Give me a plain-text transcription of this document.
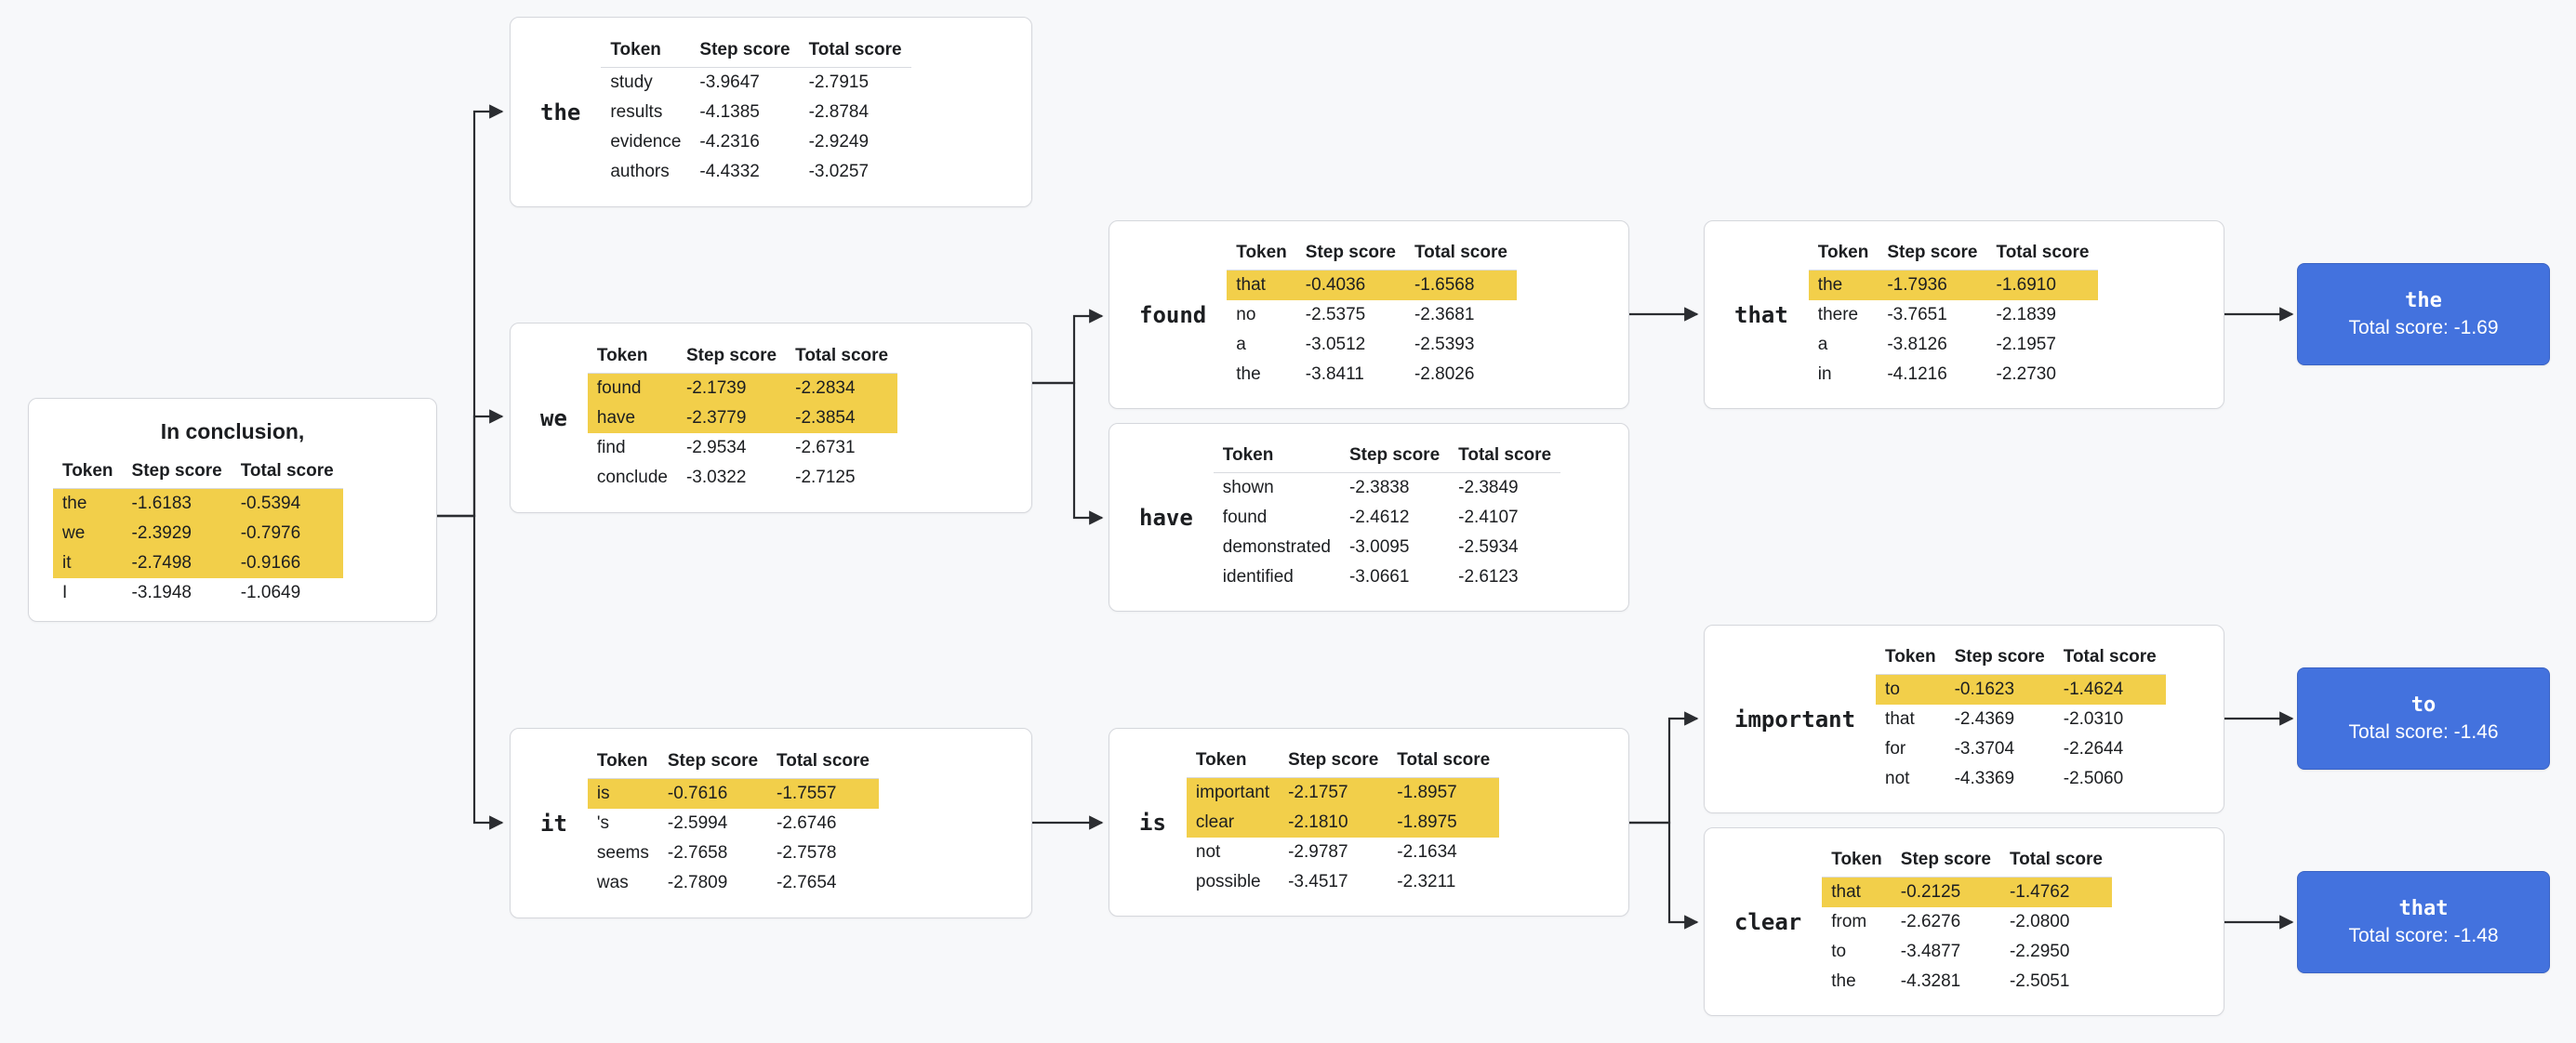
In conclusion,
Token	Step score	Total score
the	-1.6183	-0.5394
we	-2.3929	-0.7976
it	-2.7498	-0.9166
I	-3.1948	-1.0649
the
Token	Step score	Total score
study	-3.9647	-2.7915
results	-4.1385	-2.8784
evidence	-4.2316	-2.9249
authors	-4.4332	-3.0257
we
Token	Step score	Total score
found	-2.1739	-2.2834
have	-2.3779	-2.3854
find	-2.9534	-2.6731
conclude	-3.0322	-2.7125
it
Token	Step score	Total score
is	-0.7616	-1.7557
's	-2.5994	-2.6746
seems	-2.7658	-2.7578
was	-2.7809	-2.7654
found
Token	Step score	Total score
that	-0.4036	-1.6568
no	-2.5375	-2.3681
a	-3.0512	-2.5393
the	-3.8411	-2.8026
have
Token	Step score	Total score
shown	-2.3838	-2.3849
found	-2.4612	-2.4107
demonstrated	-3.0095	-2.5934
identified	-3.0661	-2.6123
is
Token	Step score	Total score
important	-2.1757	-1.8957
clear	-2.1810	-1.8975
not	-2.9787	-2.1634
possible	-3.4517	-2.3211
that
Token	Step score	Total score
the	-1.7936	-1.6910
there	-3.7651	-2.1839
a	-3.8126	-2.1957
in	-4.1216	-2.2730
important
Token	Step score	Total score
to	-0.1623	-1.4624
that	-2.4369	-2.0310
for	-3.3704	-2.2644
not	-4.3369	-2.5060
clear
Token	Step score	Total score
that	-0.2125	-1.4762
from	-2.6276	-2.0800
to	-3.4877	-2.2950
the	-4.3281	-2.5051
the
Total score: -1.69
to
Total score: -1.46
that
Total score: -1.48
